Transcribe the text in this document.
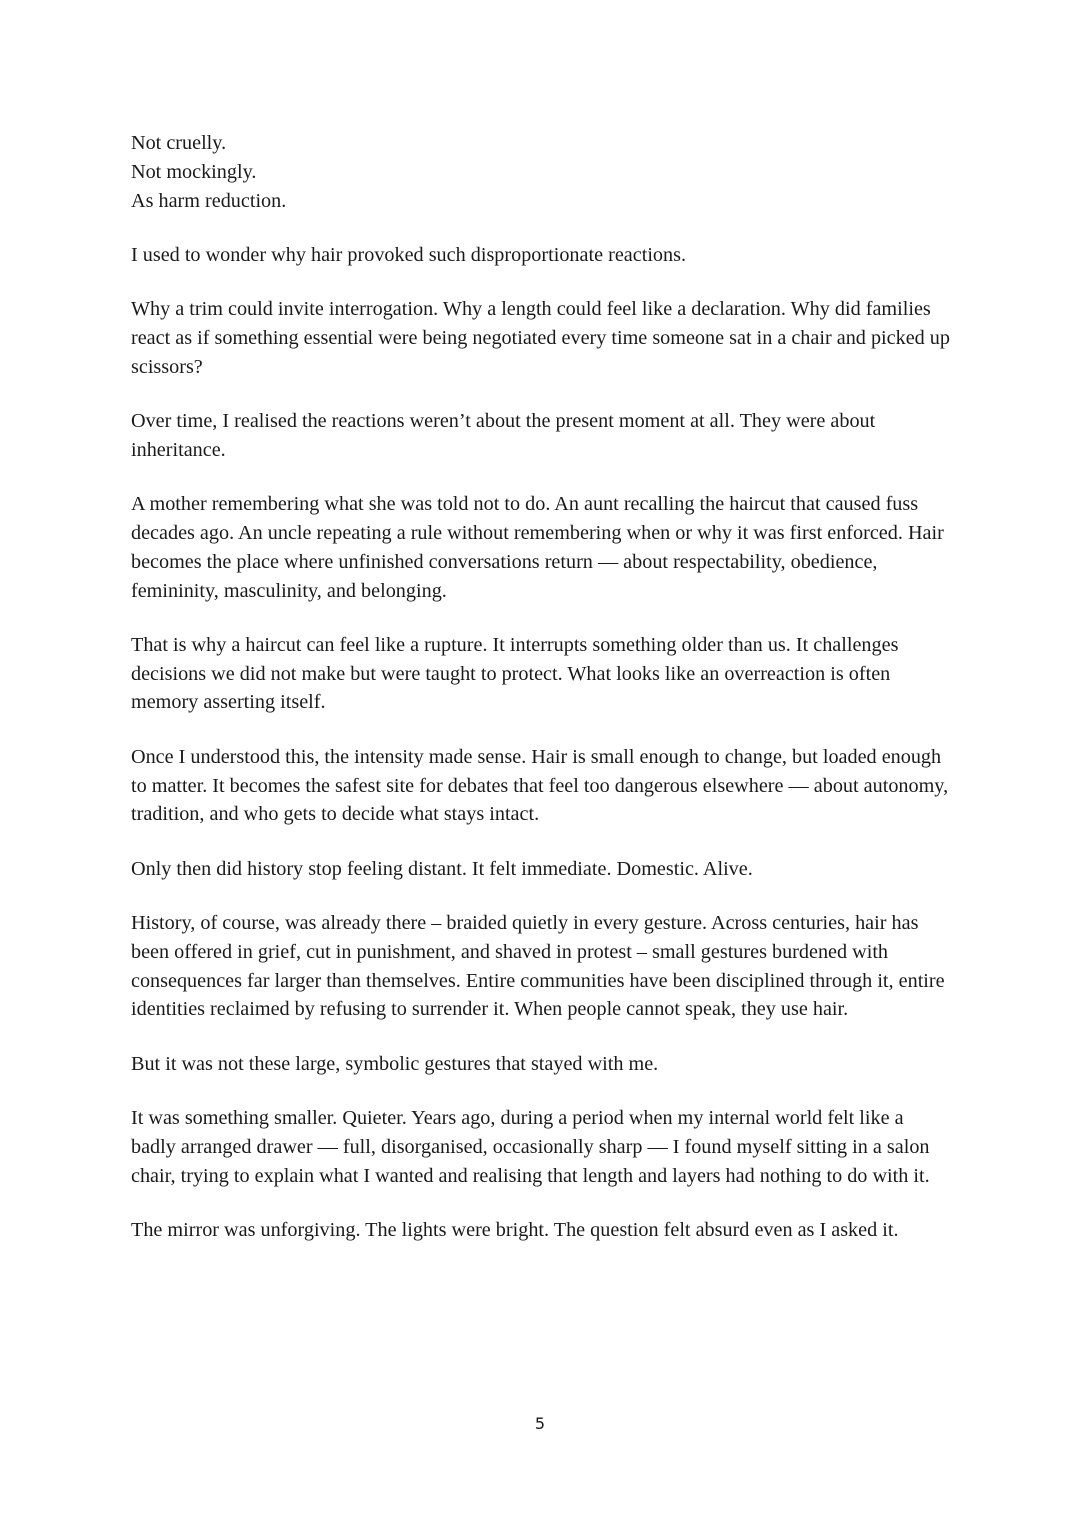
Not cruelly.
Not mockingly.
As harm reduction.

I used to wonder why hair provoked such disproportionate reactions.

Why a trim could invite interrogation. Why a length could feel like a declaration. Why did families react as if something essential were being negotiated every time someone sat in a chair and picked up scissors?

Over time, I realised the reactions weren’t about the present moment at all. They were about inheritance.

A mother remembering what she was told not to do. An aunt recalling the haircut that caused fuss decades ago. An uncle repeating a rule without remembering when or why it was first enforced. Hair becomes the place where unfinished conversations return — about respectability, obedience, femininity, masculinity, and belonging.

That is why a haircut can feel like a rupture. It interrupts something older than us. It challenges decisions we did not make but were taught to protect. What looks like an overreaction is often memory asserting itself.

Once I understood this, the intensity made sense. Hair is small enough to change, but loaded enough to matter. It becomes the safest site for debates that feel too dangerous elsewhere — about autonomy, tradition, and who gets to decide what stays intact.

Only then did history stop feeling distant. It felt immediate. Domestic. Alive.

History, of course, was already there – braided quietly in every gesture. Across centuries, hair has been offered in grief, cut in punishment, and shaved in protest – small gestures burdened with consequences far larger than themselves. Entire communities have been disciplined through it, entire identities reclaimed by refusing to surrender it. When people cannot speak, they use hair.

But it was not these large, symbolic gestures that stayed with me.

It was something smaller. Quieter. Years ago, during a period when my internal world felt like a badly arranged drawer — full, disorganised, occasionally sharp — I found myself sitting in a salon chair, trying to explain what I wanted and realising that length and layers had nothing to do with it.

The mirror was unforgiving. The lights were bright. The question felt absurd even as I asked it.

5
